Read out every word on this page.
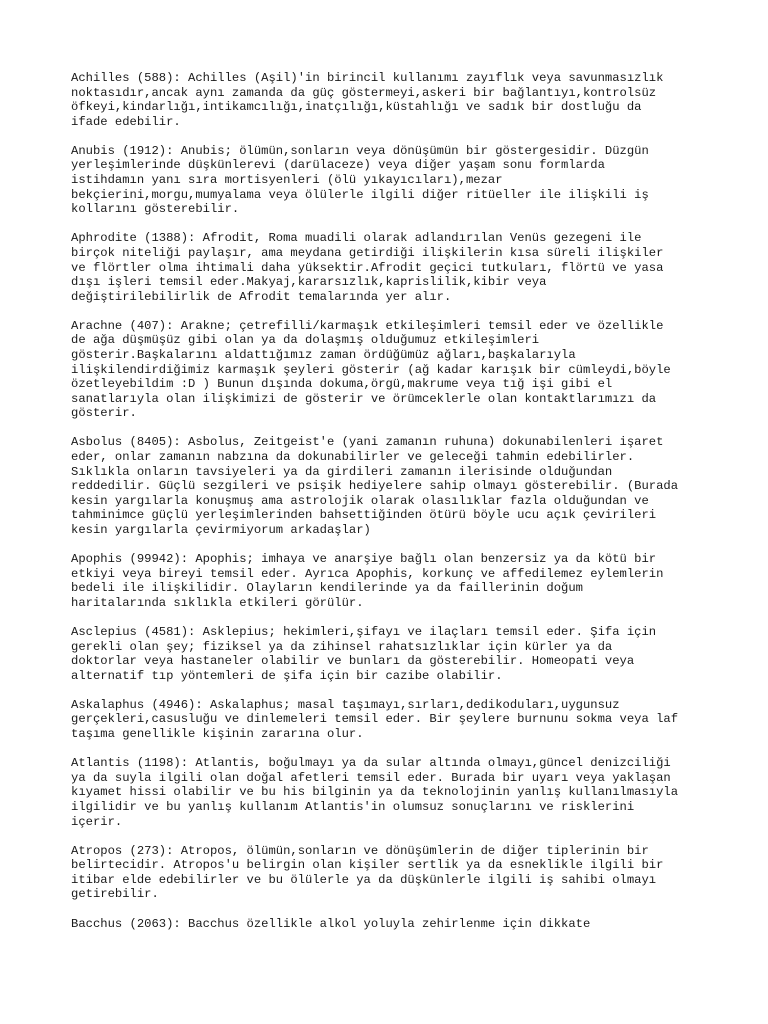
Achilles (588): Achilles (Aşil)'in birincil kullanımı zayıflık veya savunmasızlık
noktasıdır,ancak aynı zamanda da güç göstermeyi,askeri bir bağlantıyı,kontrolsüz
öfkeyi,kindarlığı,intikamcılığı,inatçılığı,küstahlığı ve sadık bir dostluğu da
ifade edebilir.

Anubis (1912): Anubis; ölümün,sonların veya dönüşümün bir göstergesidir. Düzgün
yerleşimlerinde düşkünlerevi (darülaceze) veya diğer yaşam sonu formlarda
istihdamın yanı sıra mortisyenleri (ölü yıkayıcıları),mezar
bekçierini,morgu,mumyalama veya ölülerle ilgili diğer ritüeller ile ilişkili iş
kollarını gösterebilir.

Aphrodite (1388): Afrodit, Roma muadili olarak adlandırılan Venüs gezegeni ile
birçok niteliği paylaşır, ama meydana getirdiği ilişkilerin kısa süreli ilişkiler
ve flörtler olma ihtimali daha yüksektir.Afrodit geçici tutkuları, flörtü ve yasa
dışı işleri temsil eder.Makyaj,kararsızlık,kaprislilik,kibir veya
değiştirilebilirlik de Afrodit temalarında yer alır.

Arachne (407): Arakne; çetrefilli/karmaşık etkileşimleri temsil eder ve özellikle
de ağa düşmüşüz gibi olan ya da dolaşmış olduğumuz etkileşimleri
gösterir.Başkalarını aldattığımız zaman ördüğümüz ağları,başkalarıyla
ilişkilendirdiğimiz karmaşık şeyleri gösterir (ağ kadar karışık bir cümleydi,böyle
özetleyebildim :D ) Bunun dışında dokuma,örgü,makrume veya tığ işi gibi el
sanatlarıyla olan ilişkimizi de gösterir ve örümceklerle olan kontaktlarımızı da
gösterir.

Asbolus (8405): Asbolus, Zeitgeist'e (yani zamanın ruhuna) dokunabilenleri işaret
eder, onlar zamanın nabzına da dokunabilirler ve geleceği tahmin edebilirler.
Sıklıkla onların tavsiyeleri ya da girdileri zamanın ilerisinde olduğundan
reddedilir. Güçlü sezgileri ve psişik hediyelere sahip olmayı gösterebilir. (Burada
kesin yargılarla konuşmuş ama astrolojik olarak olasılıklar fazla olduğundan ve
tahminimce güçlü yerleşimlerinden bahsettiğinden ötürü böyle ucu açık çevirileri
kesin yargılarla çevirmiyorum arkadaşlar)

Apophis (99942): Apophis; imhaya ve anarşiye bağlı olan benzersiz ya da kötü bir
etkiyi veya bireyi temsil eder. Ayrıca Apophis, korkunç ve affedilemez eylemlerin
bedeli ile ilişkilidir. Olayların kendilerinde ya da faillerinin doğum
haritalarında sıklıkla etkileri görülür.

Asclepius (4581): Asklepius; hekimleri,şifayı ve ilaçları temsil eder. Şifa için
gerekli olan şey; fiziksel ya da zihinsel rahatsızlıklar için kürler ya da
doktorlar veya hastaneler olabilir ve bunları da gösterebilir. Homeopati veya
alternatif tıp yöntemleri de şifa için bir cazibe olabilir.

Askalaphus (4946): Askalaphus; masal taşımayı,sırları,dedikoduları,uygunsuz
gerçekleri,casusluğu ve dinlemeleri temsil eder. Bir şeylere burnunu sokma veya laf
taşıma genellikle kişinin zararına olur.

Atlantis (1198): Atlantis, boğulmayı ya da sular altında olmayı,güncel denizciliği
ya da suyla ilgili olan doğal afetleri temsil eder. Burada bir uyarı veya yaklaşan
kıyamet hissi olabilir ve bu his bilginin ya da teknolojinin yanlış kullanılmasıyla
ilgilidir ve bu yanlış kullanım Atlantis'in olumsuz sonuçlarını ve risklerini
içerir.

Atropos (273): Atropos, ölümün,sonların ve dönüşümlerin de diğer tiplerinin bir
belirtecidir. Atropos'u belirgin olan kişiler sertlik ya da esneklikle ilgili bir
itibar elde edebilirler ve bu ölülerle ya da düşkünlerle ilgili iş sahibi olmayı
getirebilir.

Bacchus (2063): Bacchus özellikle alkol yoluyla zehirlenme için dikkate
